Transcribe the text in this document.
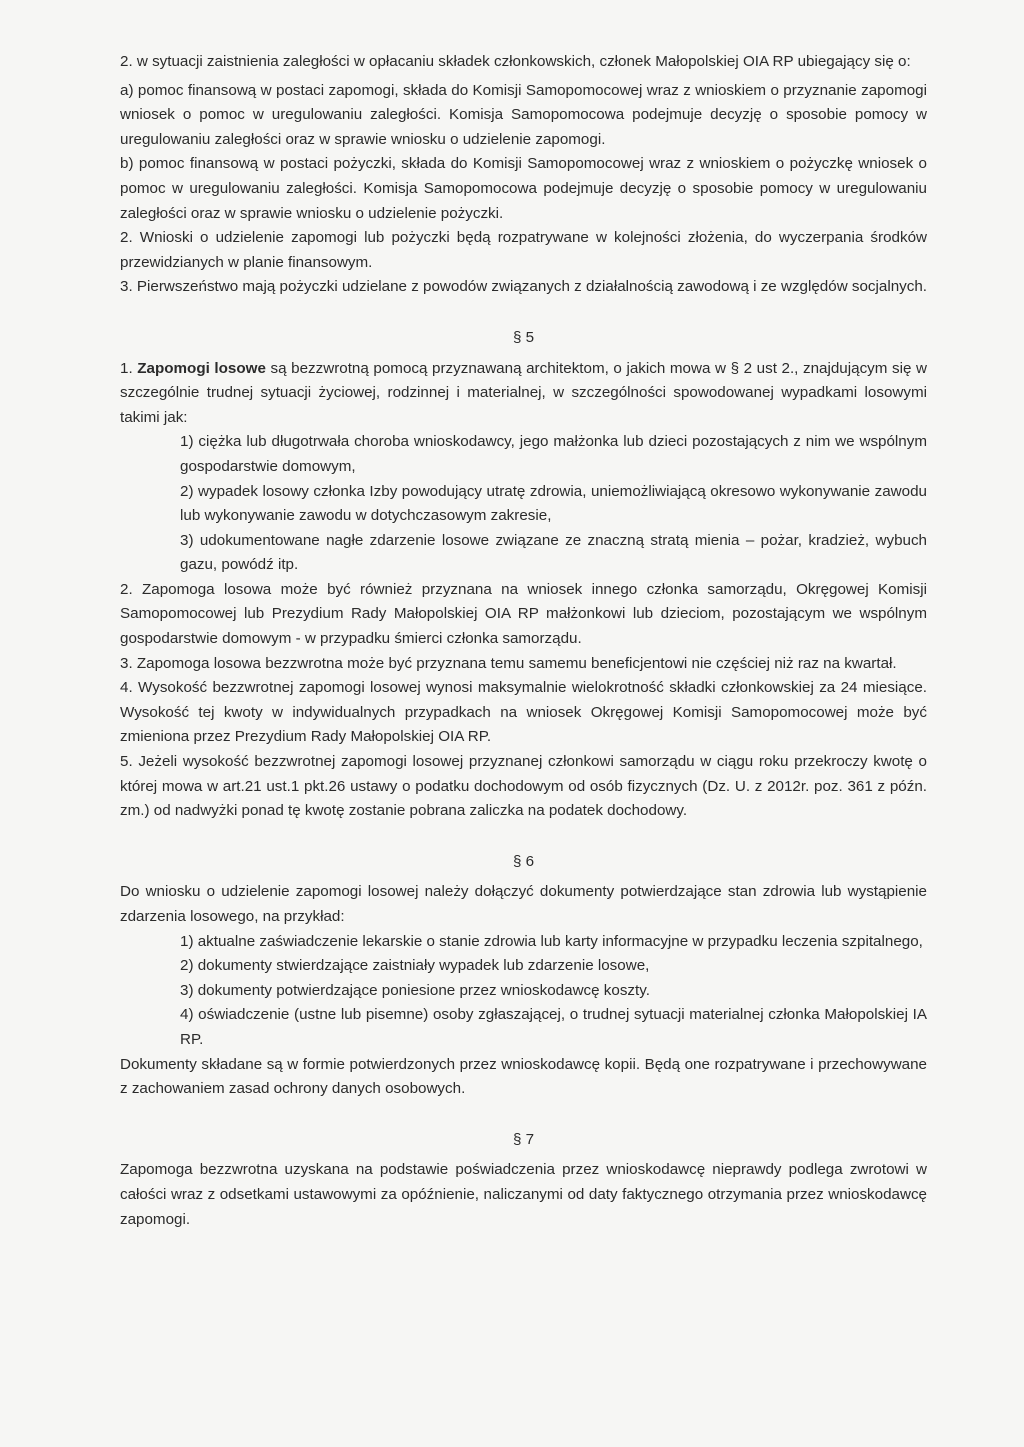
2. w sytuacji zaistnienia zaległości w opłacaniu składek członkowskich, członek Małopolskiej OIA RP ubiegający się o:

a) pomoc finansową w postaci zapomogi, składa do Komisji Samopomocowej wraz z wnioskiem o przyznanie zapomogi wniosek o pomoc w uregulowaniu zaległości. Komisja Samopomocowa podejmuje decyzję o sposobie pomocy w uregulowaniu zaległości oraz w sprawie wniosku o udzielenie zapomogi.

b) pomoc finansową w postaci pożyczki, składa do Komisji Samopomocowej wraz z wnioskiem o pożyczkę wniosek o pomoc w uregulowaniu zaległości. Komisja Samopomocowa podejmuje decyzję o sposobie pomocy w uregulowaniu zaległości oraz w sprawie wniosku o udzielenie pożyczki.

2. Wnioski o udzielenie zapomogi lub pożyczki będą rozpatrywane w kolejności złożenia, do wyczerpania środków przewidzianych w planie finansowym.

3. Pierwszeństwo mają pożyczki udzielane z powodów związanych z działalnością zawodową i ze względów socjalnych.

§ 5

1. Zapomogi losowe są bezzwrotną pomocą przyznawaną architektom, o jakich mowa w § 2 ust 2., znajdującym się w szczególnie trudnej sytuacji życiowej, rodzinnej i materialnej, w szczególności spowodowanej wypadkami losowymi takimi jak:

1) ciężka lub długotrwała choroba wnioskodawcy, jego małżonka lub dzieci pozostających z nim we wspólnym gospodarstwie domowym,

2) wypadek losowy członka Izby powodujący utratę zdrowia, uniemożliwiającą okresowo wykonywanie zawodu lub wykonywanie zawodu w dotychczasowym zakresie,

3) udokumentowane nagłe zdarzenie losowe związane ze znaczną stratą mienia – pożar, kradzież, wybuch gazu, powódź itp.

2. Zapomoga losowa może być również przyznana na wniosek innego członka samorządu, Okręgowej Komisji Samopomocowej lub Prezydium Rady Małopolskiej OIA RP małżonkowi lub dzieciom, pozostającym we wspólnym gospodarstwie domowym - w przypadku śmierci członka samorządu.

3. Zapomoga losowa bezzwrotna może być przyznana temu samemu beneficjentowi nie częściej niż raz na kwartał.

4. Wysokość bezzwrotnej zapomogi losowej wynosi maksymalnie wielokrotność składki członkowskiej za 24 miesiące. Wysokość tej kwoty w indywidualnych przypadkach na wniosek Okręgowej Komisji Samopomocowej może być zmieniona przez Prezydium Rady Małopolskiej OIA RP.

5. Jeżeli wysokość bezzwrotnej zapomogi losowej przyznanej członkowi samorządu w ciągu roku przekroczy kwotę o której mowa w art.21 ust.1 pkt.26 ustawy o podatku dochodowym od osób fizycznych (Dz. U. z 2012r. poz. 361 z późn. zm.) od nadwyżki ponad tę kwotę zostanie pobrana zaliczka na podatek dochodowy.

§ 6

Do wniosku o udzielenie zapomogi losowej należy dołączyć dokumenty potwierdzające stan zdrowia lub wystąpienie zdarzenia losowego, na przykład:

1) aktualne zaświadczenie lekarskie o stanie zdrowia lub karty informacyjne w przypadku leczenia szpitalnego,

2) dokumenty stwierdzające zaistniały wypadek lub zdarzenie losowe,

3) dokumenty potwierdzające poniesione przez wnioskodawcę koszty.

4) oświadczenie (ustne lub pisemne) osoby zgłaszającej, o trudnej sytuacji materialnej członka Małopolskiej IA RP.

Dokumenty składane są w formie potwierdzonych przez wnioskodawcę kopii. Będą one rozpatrywane i przechowywane z zachowaniem zasad ochrony danych osobowych.

§ 7

Zapomoga bezzwrotna uzyskana na podstawie poświadczenia przez wnioskodawcę nieprawdy podlega zwrotowi w całości wraz z odsetkami ustawowymi za opóźnienie, naliczanymi od daty faktycznego otrzymania przez wnioskodawcę zapomogi.
